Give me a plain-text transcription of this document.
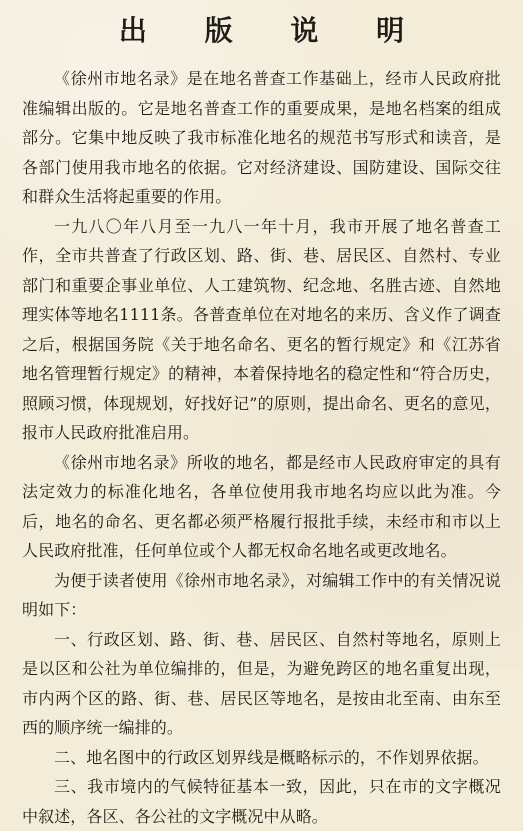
出 版 说 明

《徐州市地名录》是在地名普查工作基础上，经市人民政府批准编辑出版的。它是地名普查工作的重要成果，是地名档案的组成部分。它集中地反映了我市标准化地名的规范书写形式和读音，是各部门使用我市地名的依据。它对经济建设、国防建设、国际交往和群众生活将起重要的作用。

一九八〇年八月至一九八一年十月，我市开展了地名普查工作，全市共普查了行政区划、路、街、巷、居民区、自然村、专业部门和重要企事业单位、人工建筑物、纪念地、名胜古迹、自然地理实体等地名1111条。各普查单位在对地名的来历、含义作了调查之后，根据国务院《关于地名命名、更名的暂行规定》和《江苏省地名管理暂行规定》的精神，本着保持地名的稳定性和“符合历史，照顾习惯，体现规划，好找好记”的原则，提出命名、更名的意见，报市人民政府批准启用。

《徐州市地名录》所收的地名，都是经市人民政府审定的具有法定效力的标准化地名，各单位使用我市地名均应以此为准。今后，地名的命名、更名都必须严格履行报批手续，未经市和市以上人民政府批准，任何单位或个人都无权命名地名或更改地名。

为便于读者使用《徐州市地名录》，对编辑工作中的有关情况说明如下：

一、行政区划、路、街、巷、居民区、自然村等地名，原则上是以区和公社为单位编排的，但是，为避免跨区的地名重复出现，市内两个区的路、街、巷、居民区等地名，是按由北至南、由东至西的顺序统一编排的。

二、地名图中的行政区划界线是概略标示的，不作划界依据。

三、我市境内的气候特征基本一致，因此，只在市的文字概况中叙述，各区、各公社的文字概况中从略。
